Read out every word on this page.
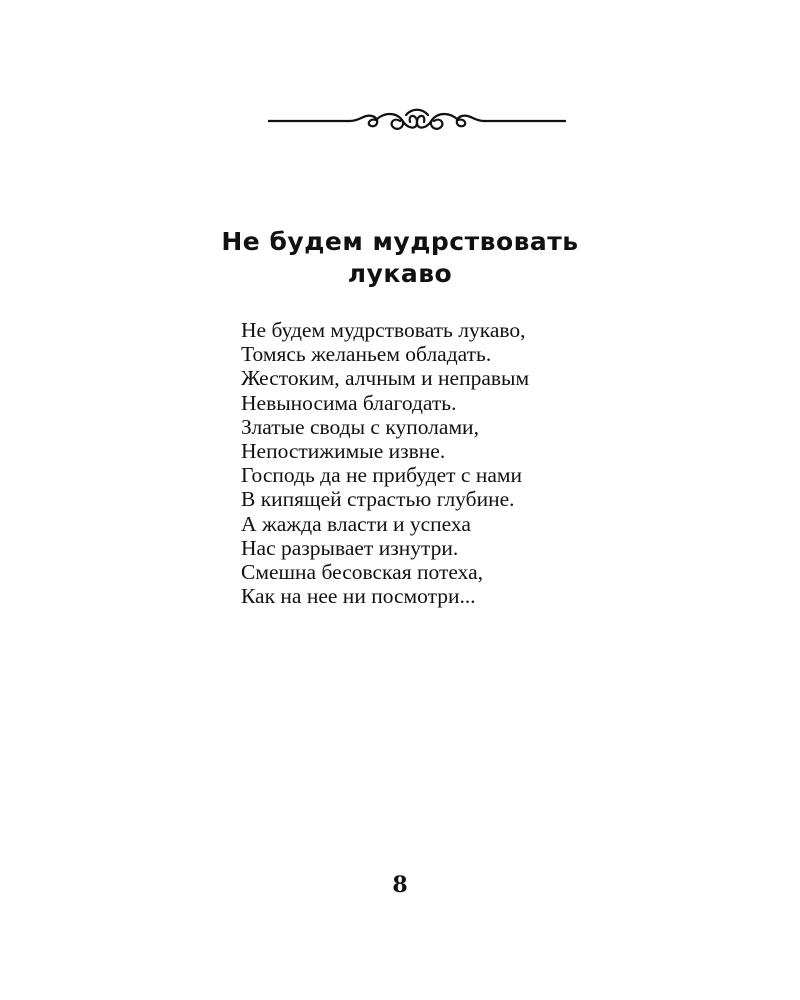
Не будем мудрствовать
лукаво
Не будем мудрствовать лукаво,
Томясь желаньем обладать.
Жестоким, алчным и неправым
Невыносима благодать.
Златые своды с куполами,
Непостижимые извне.
Господь да не прибудет с нами
В кипящей страстью глубине.
А жажда власти и успеха
Нас разрывает изнутри.
Смешна бесовская потеха,
Как на нее ни посмотри...
8
